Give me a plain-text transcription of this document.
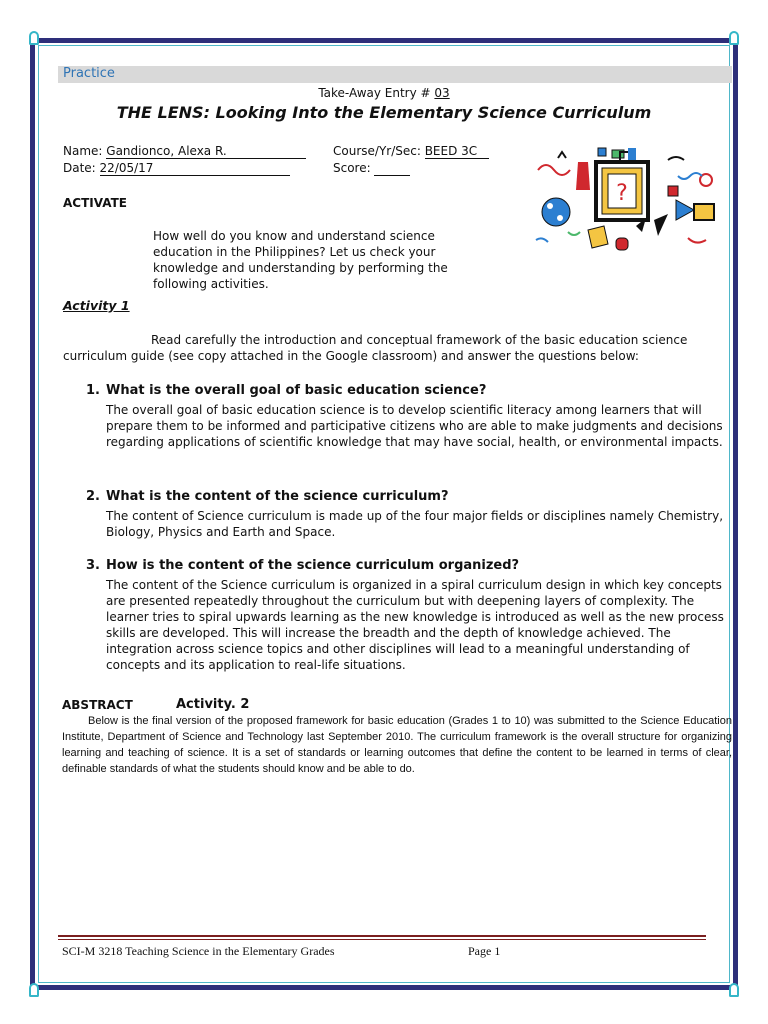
Practice
Take-Away Entry # 03
THE LENS: Looking Into the Elementary Science Curriculum
Name: Gandionco, Alexa R.	Course/Yr/Sec: BEED 3C
Date: 22/05/17	Score:
?
ACTIVATE
How well do you know and understand science education in the Philippines? Let us check your knowledge and understanding by performing the following activities.
Activity 1
Read carefully the introduction and conceptual framework of the basic education science curriculum guide (see copy attached in the Google classroom) and answer the questions below:
1. What is the overall goal of basic education science?
The overall goal of basic education science is to develop scientific literacy among learners that will prepare them to be informed and participative citizens who are able to make judgments and decisions regarding applications of scientific knowledge that may have social, health, or environmental impacts.
2. What is the content of the science curriculum?
The content of Science curriculum is made up of the four major fields or disciplines namely Chemistry, Biology, Physics and Earth and Space.
3. How is the content of the science curriculum organized?
The content of the Science curriculum is organized in a spiral curriculum design in which key concepts are presented repeatedly throughout the curriculum but with deepening layers of complexity. The learner tries to spiral upwards learning as the new knowledge is introduced as well as the new process skills are developed. This will increase the breadth and the depth of knowledge achieved. The integration across science topics and other disciplines will lead to a meaningful understanding of concepts and its application to real-life situations.
ABSTRACT	Activity. 2
Below is the final version of the proposed framework for basic education (Grades 1 to 10) was submitted to the Science Education Institute, Department of Science and Technology last September 2010. The curriculum framework is the overall structure for organizing learning and teaching of science. It is a set of standards or learning outcomes that define the content to be learned in terms of clear, definable standards of what the students should know and be able to do.
SCI-M 3218 Teaching Science in the Elementary Grades	Page 1
